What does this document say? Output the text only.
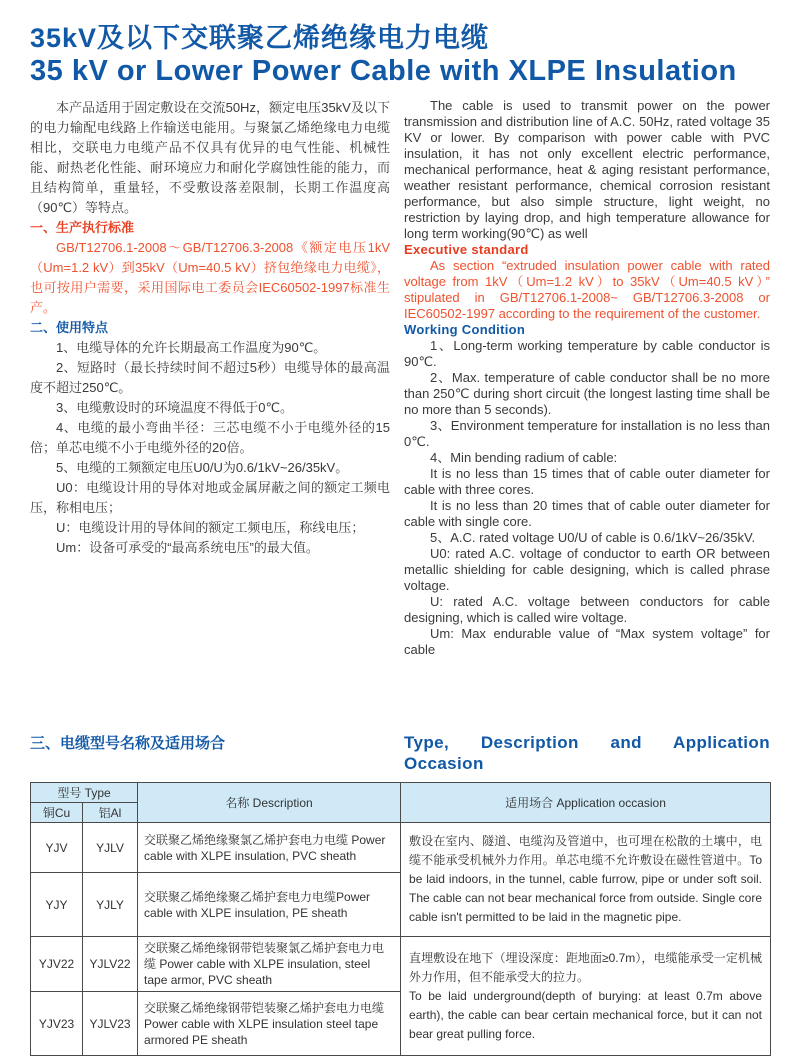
35kV及以下交联聚乙烯绝缘电力电缆
35 kV or Lower Power Cable with XLPE Insulation

本产品适用于固定敷设在交流50Hz，额定电压35kV及以下的电力输配电线路上作输送电能用。与聚氯乙烯绝缘电力电缆相比，交联电力电缆产品不仅具有优异的电气性能、机械性能、耐热老化性能、耐环境应力和耐化学腐蚀性能的能力，而且结构简单，重量轻，不受敷设落差限制，长期工作温度高（90℃）等特点。

一、生产执行标准

GB/T12706.1-2008～GB/T12706.3-2008《额定电压1kV（Um=1.2 kV）到35kV（Um=40.5 kV）挤包绝缘电力电缆》，也可按用户需要，采用国际电工委员会IEC60502-1997标准生产。

二、使用特点

1、电缆导体的允许长期最高工作温度为90℃。

2、短路时（最长持续时间不超过5秒）电缆导体的最高温度不超过250℃。

3、电缆敷设时的环境温度不得低于0℃。

4、电缆的最小弯曲半径：三芯电缆不小于电缆外径的15倍；单芯电缆不小于电缆外径的20倍。

5、电缆的工频额定电压U0/U为0.6/1kV~26/35kV。

U0：电缆设计用的导体对地或金属屏蔽之间的额定工频电压，称相电压；

U：电缆设计用的导体间的额定工频电压，称线电压；

Um：设备可承受的“最高系统电压”的最大值。

The cable is used to transmit power on the power transmission and distribution line of A.C. 50Hz, rated voltage 35 KV or lower. By comparison with power cable with PVC insulation, it has not only excellent electric performance, mechanical performance, heat & aging resistant performance, weather resistant performance, chemical corrosion resistant performance, but also simple structure, light weight, no restriction by laying drop, and high temperature allowance for long term working(90℃) as well

Executive standard

As section “extruded insulation power cable with rated voltage from 1kV（Um=1.2 kV）to 35kV（Um=40.5 kV）” stipulated in GB/T12706.1-2008~ GB/T12706.3-2008 or IEC60502-1997 according to the requirement of the customer.

Working Condition

1、Long-term working temperature by cable conductor is 90℃.

2、Max. temperature of cable conductor shall be no more than 250℃ during short circuit (the longest lasting time shall be no more than 5 seconds).

3、Environment temperature for installation is no less than 0℃.

4、Min bending radium of cable:

It is no less than 15 times that of cable outer diameter for cable with three cores.

It is no less than 20 times that of cable outer diameter for cable with single core.

5、A.C. rated voltage U0/U of cable is 0.6/1kV~26/35kV.

U0: rated A.C. voltage of conductor to earth OR between metallic shielding for cable designing, which is called phrase voltage.

U: rated A.C. voltage between conductors for cable designing, which is called wire voltage.

Um: Max endurable value of “Max system voltage” for cable

三、电缆型号名称及适用场合	Type, Description and Application Occasion

型号 Type		名称 Description	适用场合 Application occasion
铜Cu	铝Al		
YJV	YJLV	交联聚乙烯绝缘聚氯乙烯护套电力电缆 Power cable with XLPE insulation, PVC sheath	敷设在室内、隧道、电缆沟及管道中，也可埋在松散的土壤中，电缆不能承受机械外力作用。单芯电缆不允许敷设在磁性管道中。To be laid indoors, in the tunnel, cable furrow, pipe or under soft soil. The cable can not bear mechanical force from outside. Single core cable isn't permitted to be laid in the magnetic pipe.
YJY	YJLY	交联聚乙烯绝缘聚乙烯护套电力电缆Power cable with XLPE insulation, PE sheath	
YJV22	YJLV22	交联聚乙烯绝缘钢带铠装聚氯乙烯护套电力电缆 Power cable with XLPE insulation, steel tape armor, PVC sheath	直埋敷设在地下（埋设深度：距地面≥0.7m），电缆能承受一定机械外力作用，但不能承受大的拉力。
To be laid underground(depth of burying: at least 0.7m above earth), the cable can bear certain mechanical force, but it can not bear great pulling force.

YJV23	YJLV23	交联聚乙烯绝缘钢带铠装聚乙烯护套电力电缆 Power cable with XLPE insulation steel tape armored PE sheath	
